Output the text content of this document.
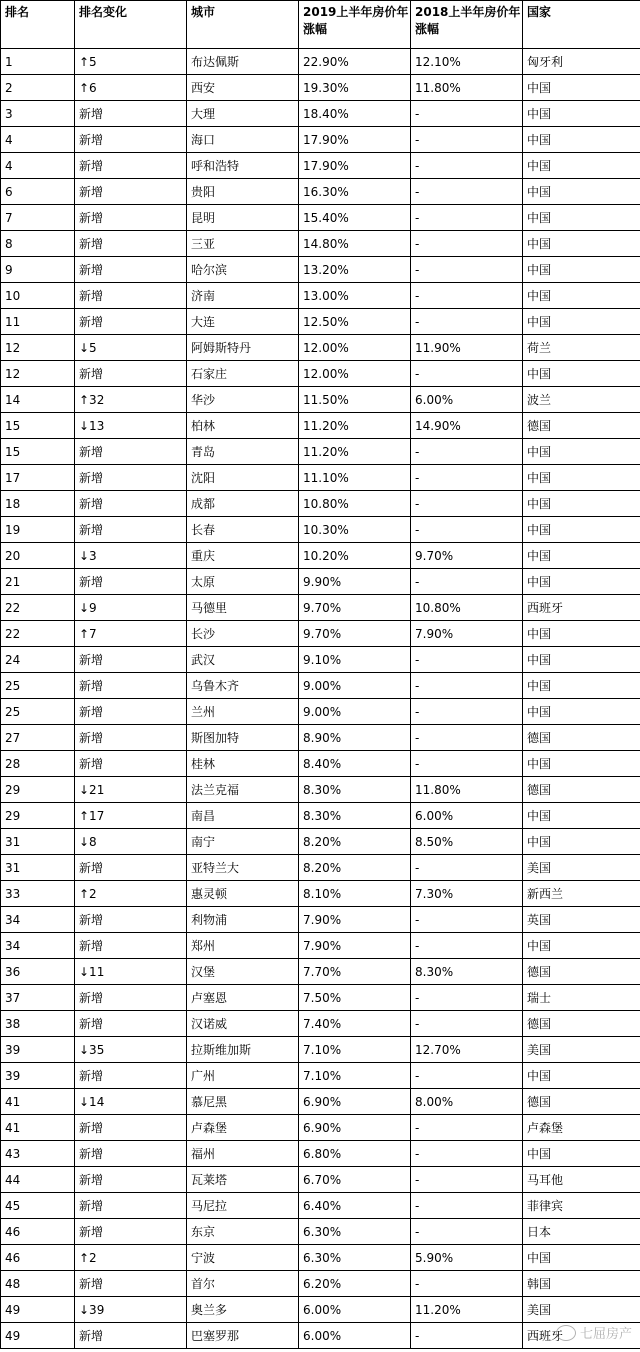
排名	排名变化	城市	2019上半年房价年涨幅	2018上半年房价年涨幅	国家
1	↑5	布达佩斯	22.90%	12.10%	匈牙利
2	↑6	西安	19.30%	11.80%	中国
3	新增	大理	18.40%	-	中国
4	新增	海口	17.90%	-	中国
4	新增	呼和浩特	17.90%	-	中国
6	新增	贵阳	16.30%	-	中国
7	新增	昆明	15.40%	-	中国
8	新增	三亚	14.80%	-	中国
9	新增	哈尔滨	13.20%	-	中国
10	新增	济南	13.00%	-	中国
11	新增	大连	12.50%	-	中国
12	↓5	阿姆斯特丹	12.00%	11.90%	荷兰
12	新增	石家庄	12.00%	-	中国
14	↑32	华沙	11.50%	6.00%	波兰
15	↓13	柏林	11.20%	14.90%	德国
15	新增	青岛	11.20%	-	中国
17	新增	沈阳	11.10%	-	中国
18	新增	成都	10.80%	-	中国
19	新增	长春	10.30%	-	中国
20	↓3	重庆	10.20%	9.70%	中国
21	新增	太原	9.90%	-	中国
22	↓9	马德里	9.70%	10.80%	西班牙
22	↑7	长沙	9.70%	7.90%	中国
24	新增	武汉	9.10%	-	中国
25	新增	乌鲁木齐	9.00%	-	中国
25	新增	兰州	9.00%	-	中国
27	新增	斯图加特	8.90%	-	德国
28	新增	桂林	8.40%	-	中国
29	↓21	法兰克福	8.30%	11.80%	德国
29	↑17	南昌	8.30%	6.00%	中国
31	↓8	南宁	8.20%	8.50%	中国
31	新增	亚特兰大	8.20%	-	美国
33	↑2	惠灵顿	8.10%	7.30%	新西兰
34	新增	利物浦	7.90%	-	英国
34	新增	郑州	7.90%	-	中国
36	↓11	汉堡	7.70%	8.30%	德国
37	新增	卢塞恩	7.50%	-	瑞士
38	新增	汉诺威	7.40%	-	德国
39	↓35	拉斯维加斯	7.10%	12.70%	美国
39	新增	广州	7.10%	-	中国
41	↓14	慕尼黑	6.90%	8.00%	德国
41	新增	卢森堡	6.90%	-	卢森堡
43	新增	福州	6.80%	-	中国
44	新增	瓦莱塔	6.70%	-	马耳他
45	新增	马尼拉	6.40%	-	菲律宾
46	新增	东京	6.30%	-	日本
46	↑2	宁波	6.30%	5.90%	中国
48	新增	首尔	6.20%	-	韩国
49	↓39	奥兰多	6.00%	11.20%	美国
49	新增	巴塞罗那	6.00%	-	西班牙 七屈房产
